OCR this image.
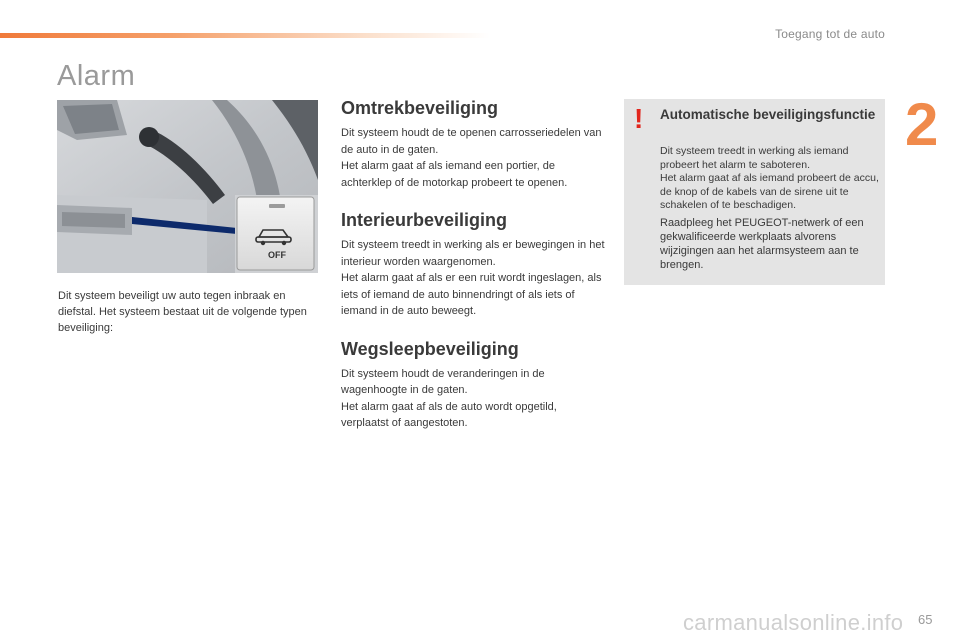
Toegang tot de auto
Alarm
2
OFF
Dit systeem beveiligt uw auto tegen inbraak en diefstal. Het systeem bestaat uit de volgende typen beveiliging:
Omtrekbeveiliging

Dit systeem houdt de te openen carrosseriedelen van de auto in de gaten.

Het alarm gaat af als iemand een portier, de achterklep of de motorkap probeert te openen.

Interieurbeveiliging

Dit systeem treedt in werking als er bewegingen in het interieur worden waargenomen.

Het alarm gaat af als er een ruit wordt ingeslagen, als iets of iemand de auto binnendringt of als iets of iemand in de auto beweegt.

Wegsleepbeveiliging

Dit systeem houdt de veranderingen in de wagenhoogte in de gaten.

Het alarm gaat af als de auto wordt opgetild, verplaatst of aangestoten.

! Automatische beveiligingsfunctie

Dit systeem treedt in werking als iemand probeert het alarm te saboteren.

Het alarm gaat af als iemand probeert de accu, de knop of de kabels van de sirene uit te schakelen of te beschadigen.

Raadpleeg het PEUGEOT-netwerk of een gekwalificeerde werkplaats alvorens wijzigingen aan het alarmsysteem aan te brengen.

carmanualsonline.info 65
